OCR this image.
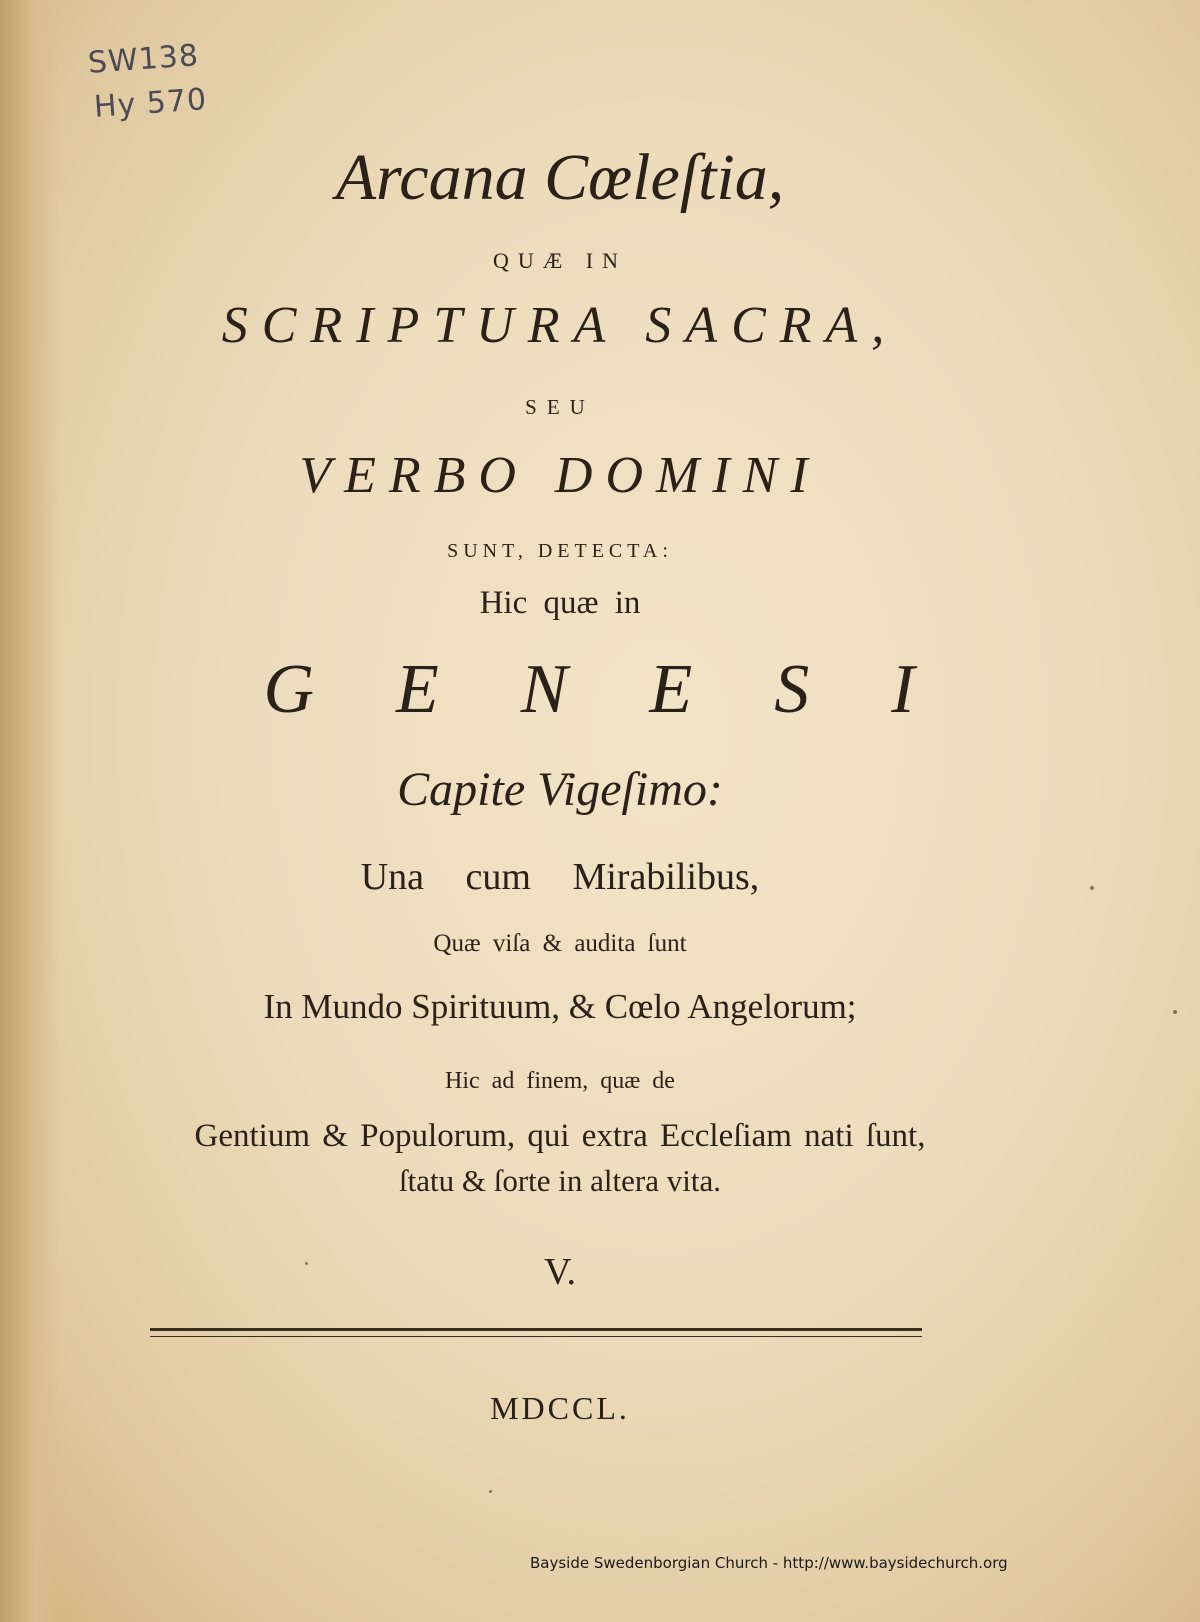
SW138
Hy 570
Arcana Cœleſtia,
QUÆ IN
SCRIPTURA SACRA,
SEU
VERBO DOMINI
SUNT, DETECTA:
Hic quæ in
GENESI
Capite Vigeſimo:
Una cum Mirabilibus,
Quæ viſa & audita ſunt
In Mundo Spirituum, & Cœlo Angelorum;
Hic ad finem, quæ de
Gentium & Populorum, qui extra Eccleſiam nati ſunt,
ſtatu & ſorte in altera vita.
V.
MDCCL.
Bayside Swedenborgian Church - http://www.baysidechurch.org
